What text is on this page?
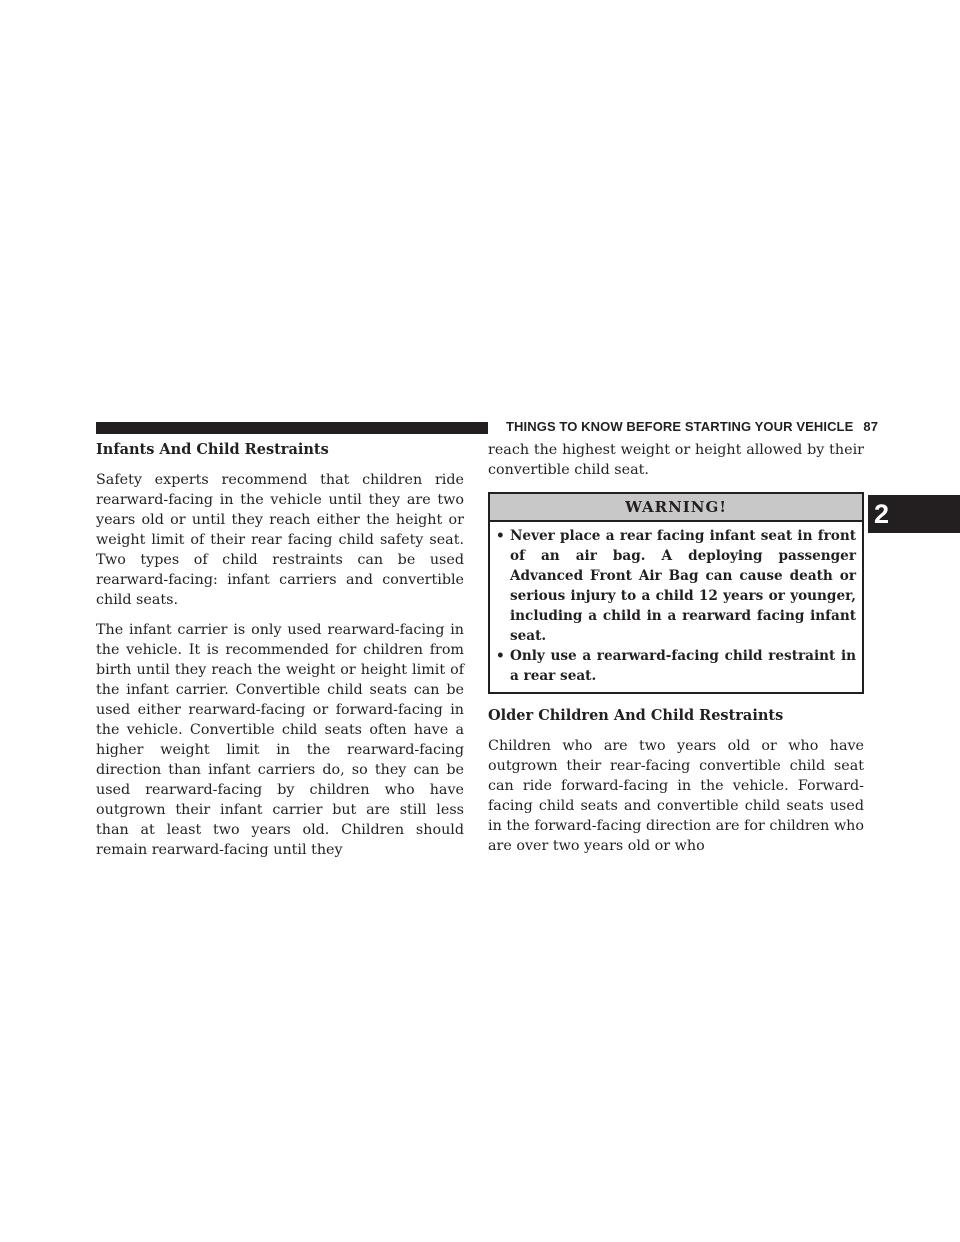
THINGS TO KNOW BEFORE STARTING YOUR VEHICLE 87
2
Infants And Child Restraints

Safety experts recommend that children ride rearward-facing in the vehicle until they are two years old or until they reach either the height or weight limit of their rear facing child safety seat. Two types of child restraints can be used rearward-facing: infant carriers and convertible child seats.

The infant carrier is only used rearward-facing in the vehicle. It is recommended for children from birth until they reach the weight or height limit of the infant carrier. Convertible child seats can be used either rearward-facing or forward-facing in the vehicle. Convertible child seats often have a higher weight limit in the rearward-facing direction than infant carriers do, so they can be used rearward-facing by children who have outgrown their infant carrier but are still less than at least two years old. Children should remain rearward-facing until they

reach the highest weight or height allowed by their convertible child seat.

WARNING!
• Never place a rear facing infant seat in front of an air bag. A deploying passenger Advanced Front Air Bag can cause death or serious injury to a child 12 years or younger, including a child in a rearward facing infant seat.
• Only use a rearward-facing child restraint in a rear seat.
Older Children And Child Restraints

Children who are two years old or who have outgrown their rear-facing convertible child seat can ride forward-facing in the vehicle. Forward-facing child seats and convertible child seats used in the forward-facing direction are for children who are over two years old or who
